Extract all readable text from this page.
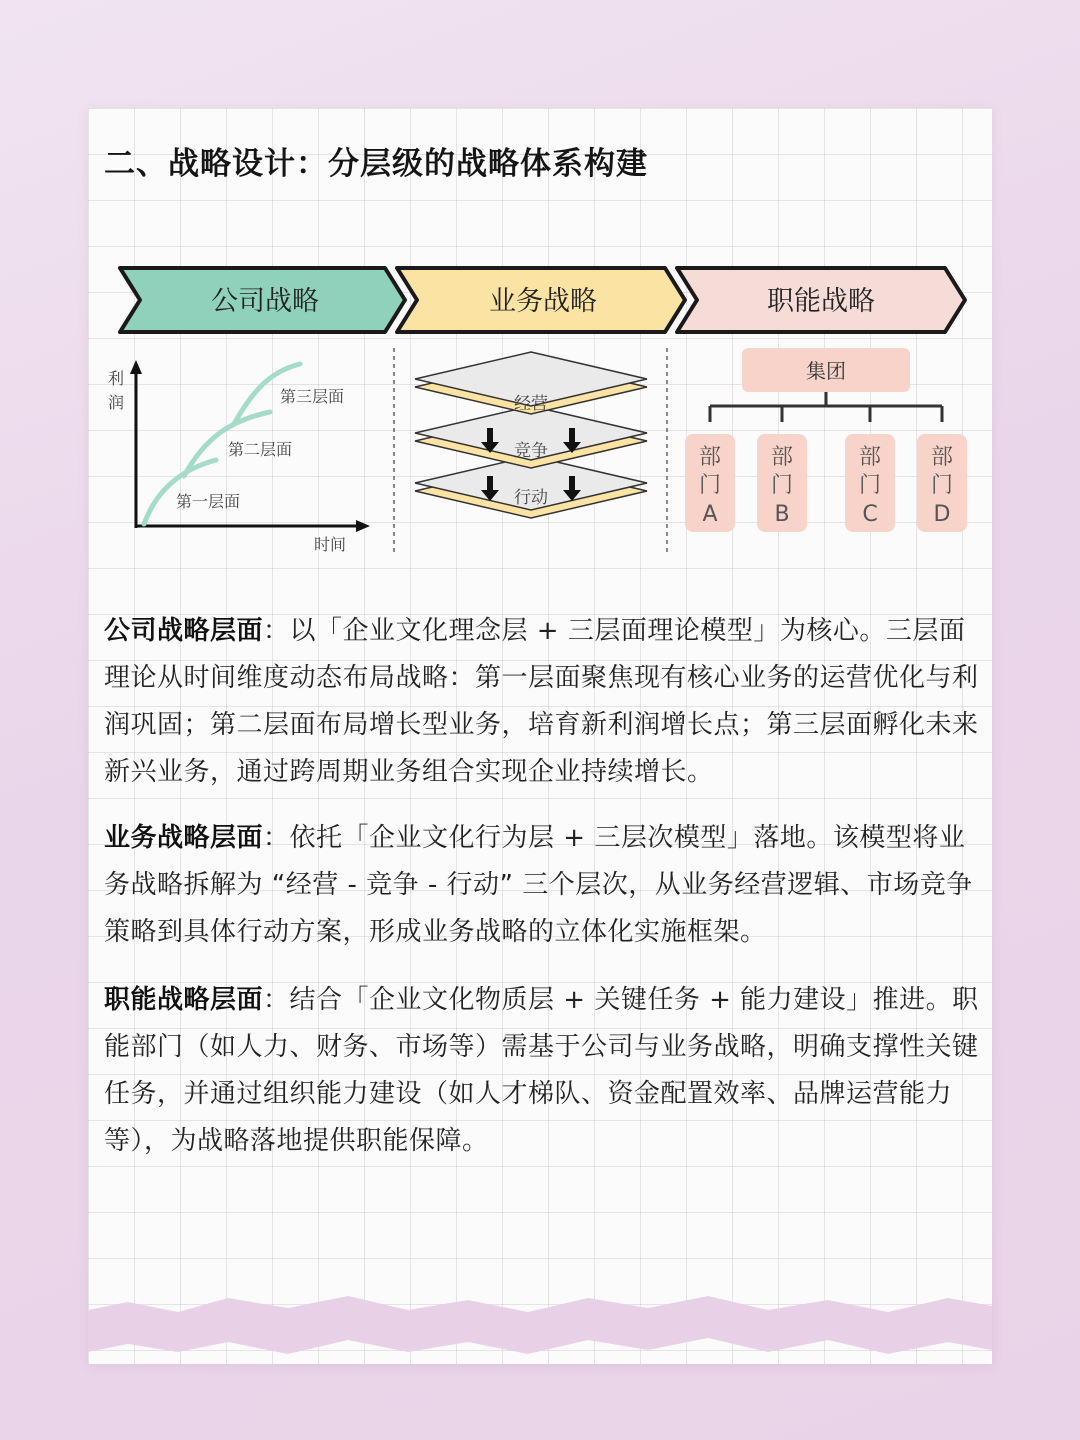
二、战略设计：分层级的战略体系构建
公司战略	业务战略	职能战略
利
润
时间
第一层面
第二层面
第三层面
行动
竞争
经营
集团
部
门
A
部
门
B
部
门
C
部
门
D

公司战略层面：以「企业文化理念层 + 三层面理论模型」为核心。三层面理论从时间维度动态布局战略：第一层面聚焦现有核心业务的运营优化与利润巩固；第二层面布局增长型业务，培育新利润增长点；第三层面孵化未来新兴业务，通过跨周期业务组合实现企业持续增长。

业务战略层面：依托「企业文化行为层 + 三层次模型」落地。该模型将业务战略拆解为 “经营 - 竞争 - 行动” 三个层次，从业务经营逻辑、市场竞争策略到具体行动方案，形成业务战略的立体化实施框架。

职能战略层面：结合「企业文化物质层 + 关键任务 + 能力建设」推进。职能部门（如人力、财务、市场等）需基于公司与业务战略，明确支撑性关键任务，并通过组织能力建设（如人才梯队、资金配置效率、品牌运营能力等），为战略落地提供职能保障。
